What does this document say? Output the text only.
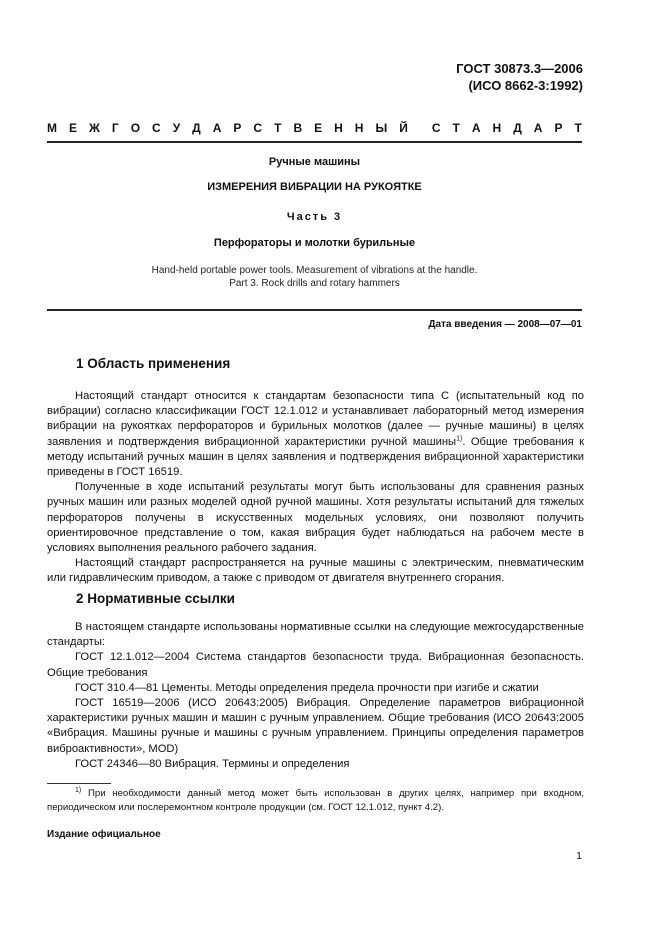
ГОСТ 30873.3—2006
(ИСО 8662-3:1992)
М Е Ж Г О С У Д А Р С Т В Е Н Н Ы Й С Т А Н Д А Р Т
Ручные машины
ИЗМЕРЕНИЯ ВИБРАЦИИ НА РУКОЯТКЕ
Часть 3
Перфораторы и молотки бурильные
Hand-held portable power tools. Measurement of vibrations at the handle.
Part 3. Rock drills and rotary hammers
Дата введения — 2008—07—01
1 Область применения

Настоящий стандарт относится к стандартам безопасности типа С (испытательный код по вибрации) согласно классификации ГОСТ 12.1.012 и устанавливает лабораторный метод измерения вибрации на рукоятках перфораторов и бурильных молотков (далее — ручные машины) в целях заявления и подтверждения вибрационной характеристики ручной машины$^{1)}$. Общие требования к методу испытаний ручных машин в целях заявления и подтверждения вибрационной характеристики приведены в ГОСТ 16519.

Полученные в ходе испытаний результаты могут быть использованы для сравнения разных ручных машин или разных моделей одной ручной машины. Хотя результаты испытаний для тяжелых перфораторов получены в искусственных модельных условиях, они позволяют получить ориентировочное представление о том, какая вибрация будет наблюдаться на рабочем месте в условиях выполнения реального рабочего задания.

Настоящий стандарт распространяется на ручные машины с электрическим, пневматическим или гидравлическим приводом, а также с приводом от двигателя внутреннего сгорания.

2 Нормативные ссылки

В настоящем стандарте использованы нормативные ссылки на следующие межгосударственные стандарты:

ГОСТ 12.1.012—2004 Система стандартов безопасности труда. Вибрационная безопасность. Общие требования

ГОСТ 310.4—81 Цементы. Методы определения предела прочности при изгибе и сжатии

ГОСТ 16519—2006 (ИСО 20643:2005) Вибрация. Определение параметров вибрационной характеристики ручных машин и машин с ручным управлением. Общие требования (ИСО 20643:2005 «Вибрация. Машины ручные и машины с ручным управлением. Принципы определения параметров виброактивности», MOD)

ГОСТ 24346—80 Вибрация. Термины и определения

$^{1)}$ При необходимости данный метод может быть использован в других целях, например при входном, периодическом или послеремонтном контроле продукции (см. ГОСТ 12.1.012, пункт 4.2).
Издание официальное
1
